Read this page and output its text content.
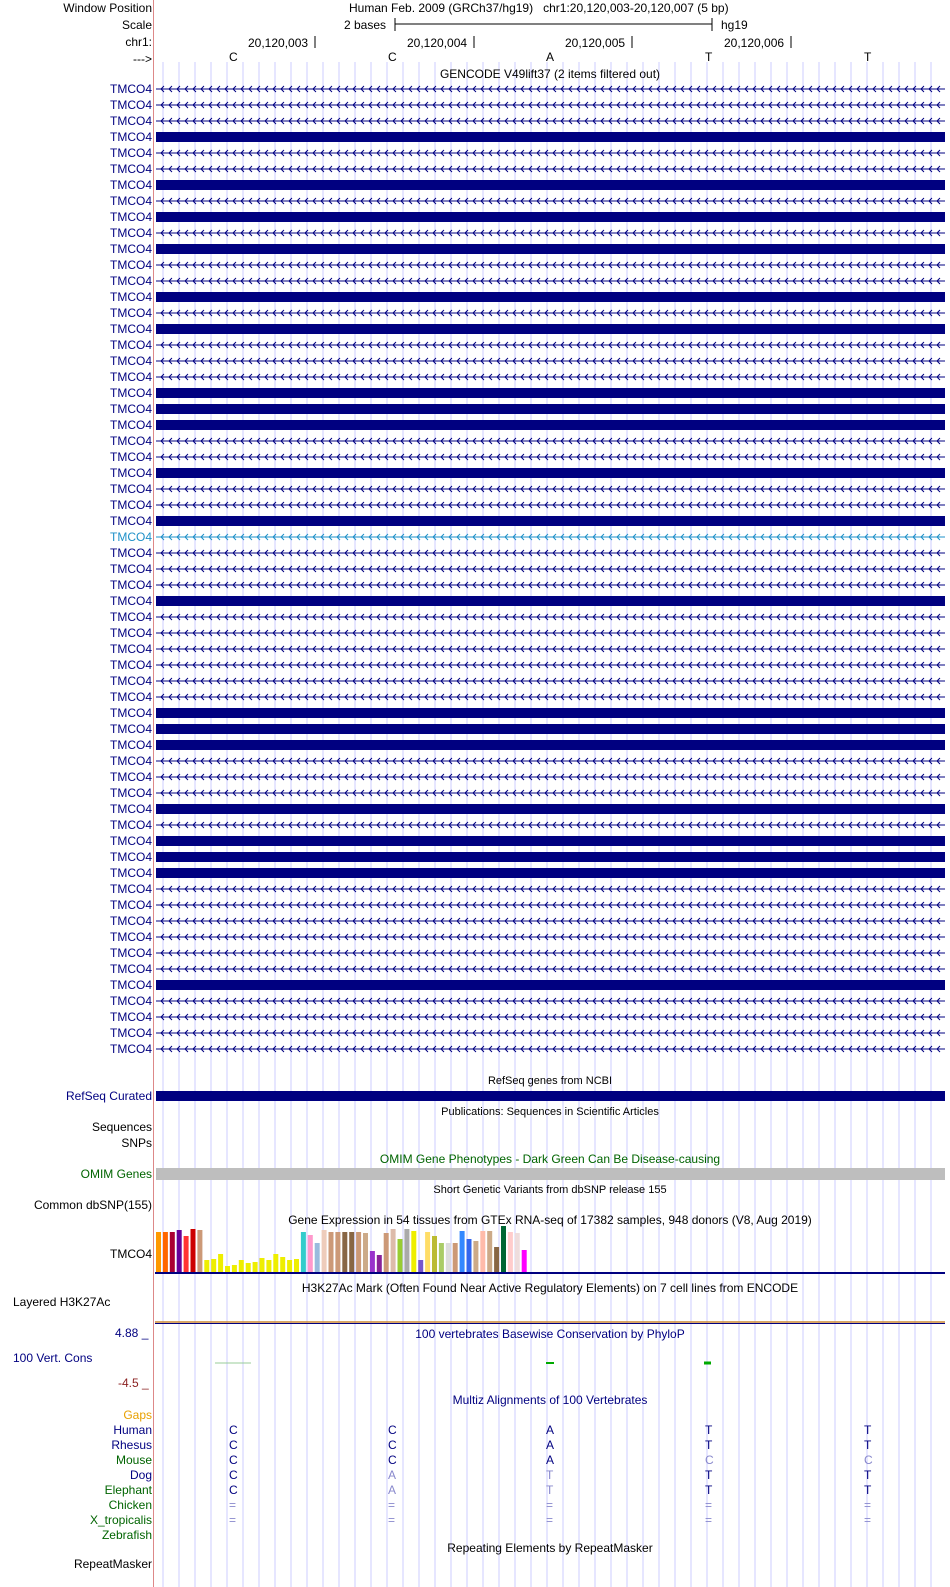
Window Position
Scale
chr1:
--->
Human Feb. 2009 (GRCh37/hg19)   chr1:20,120,003-20,120,007 (5 bp)
2 bases	hg19
20,120,003	20,120,004	20,120,005	20,120,006
C	C	A	T	T
GENCODE V49lift37 (2 items filtered out)
TMCO4
TMCO4
TMCO4
TMCO4
TMCO4
TMCO4
TMCO4
TMCO4
TMCO4
TMCO4
TMCO4
TMCO4
TMCO4
TMCO4
TMCO4
TMCO4
TMCO4
TMCO4
TMCO4
TMCO4
TMCO4
TMCO4
TMCO4
TMCO4
TMCO4
TMCO4
TMCO4
TMCO4
TMCO4
TMCO4
TMCO4
TMCO4
TMCO4
TMCO4
TMCO4
TMCO4
TMCO4
TMCO4
TMCO4
TMCO4
TMCO4
TMCO4
TMCO4
TMCO4
TMCO4
TMCO4
TMCO4
TMCO4
TMCO4
TMCO4
TMCO4
TMCO4
TMCO4
TMCO4
TMCO4
TMCO4
TMCO4
TMCO4
TMCO4
TMCO4
TMCO4
RefSeq genes from NCBI
RefSeq Curated
Publications: Sequences in Scientific Articles
Sequences
SNPs
OMIM Gene Phenotypes - Dark Green Can Be Disease-causing
OMIM Genes
Short Genetic Variants from dbSNP release 155
Common dbSNP(155)
Gene Expression in 54 tissues from GTEx RNA-seq of 17382 samples, 948 donors (V8, Aug 2019)
TMCO4
H3K27Ac Mark (Often Found Near Active Regulatory Elements) on 7 cell lines from ENCODE
Layered H3K27Ac
100 vertebrates Basewise Conservation by PhyloP
4.88 _
100 Vert. Cons
-4.5 _
Multiz Alignments of 100 Vertebrates
Gaps
Human	C	C	A	T	T
Rhesus	C	C	A	T	T
Mouse	C	C	A	C	C
Dog	C	A	T	T	T
Elephant	C	A	T	T	T
Chicken	=	=	=	=	=
X_tropicalis	=	=	=	=	=
Zebrafish
Repeating Elements by RepeatMasker
RepeatMasker
